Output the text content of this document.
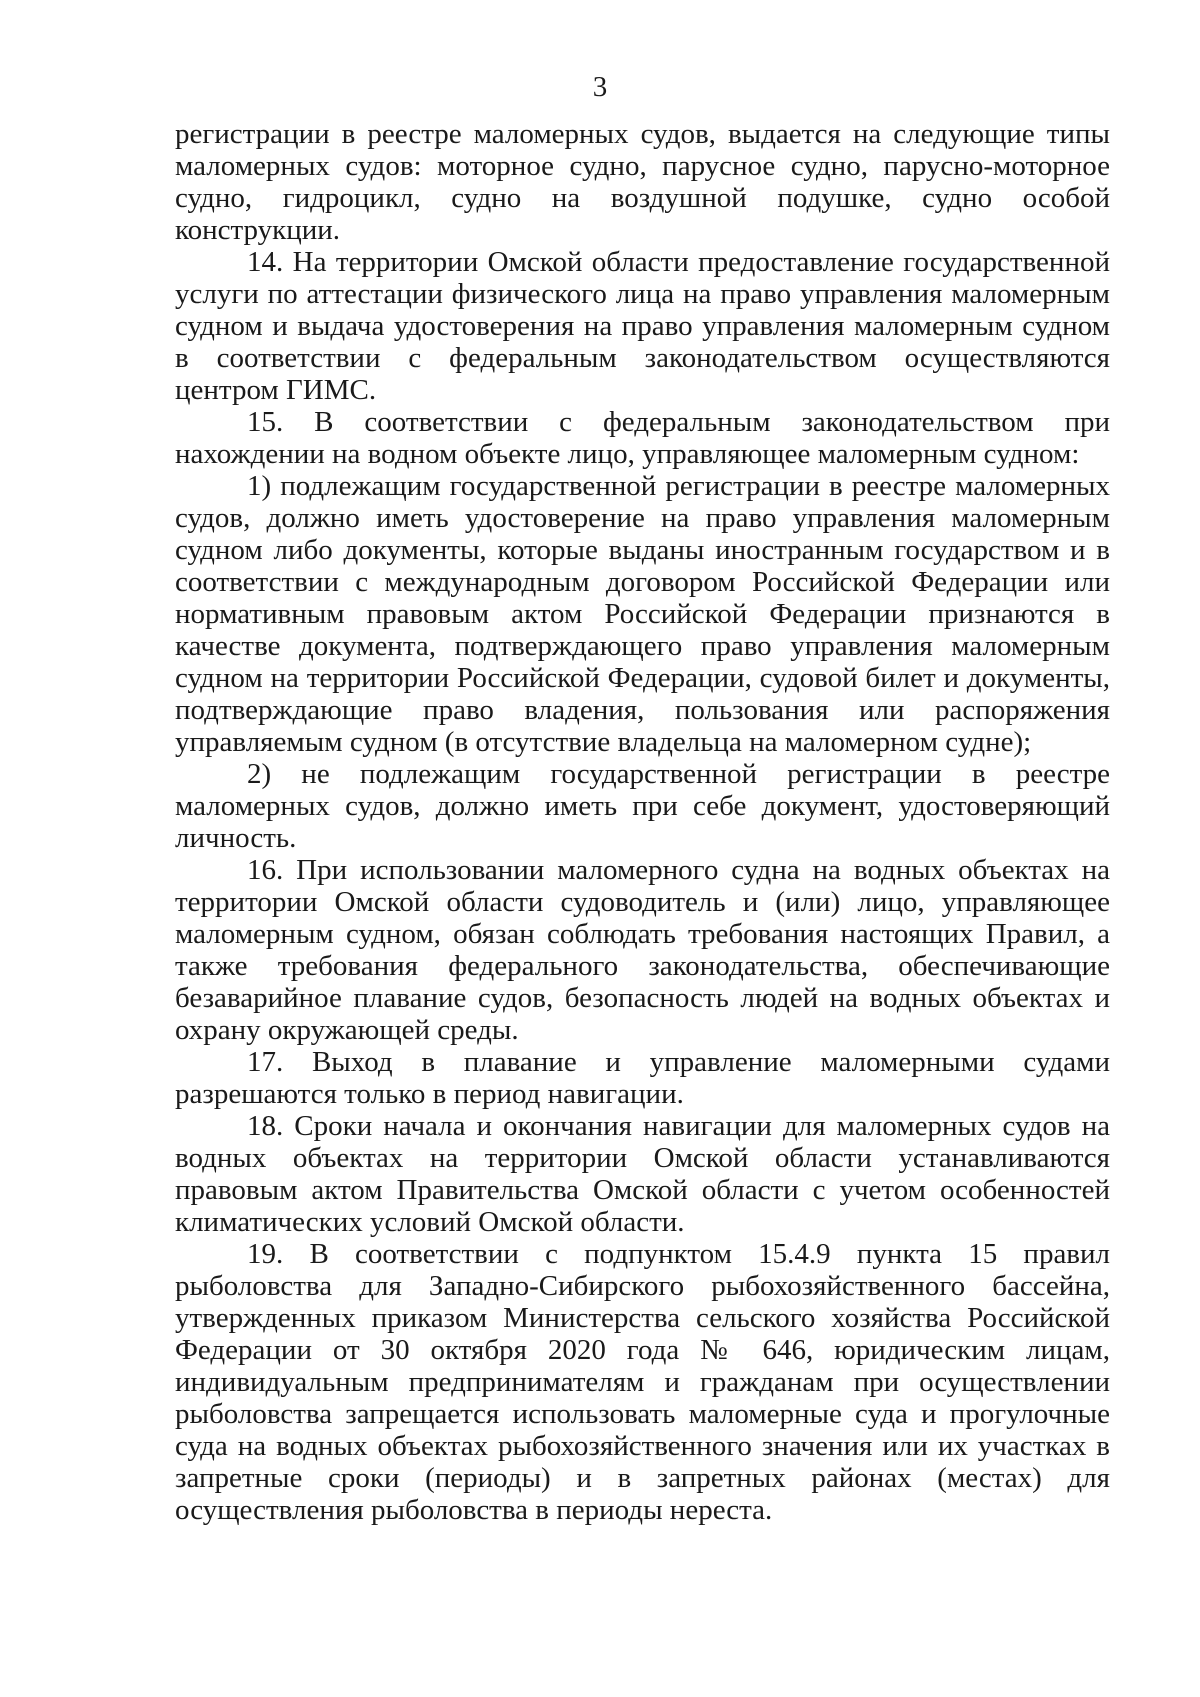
3

регистрации в реестре маломерных судов, выдается на следующие типы маломерных судов: моторное судно, парусное судно, парусно-моторное судно, гидроцикл, судно на воздушной подушке, судно особой конструкции.

14. На территории Омской области предоставление государственной услуги по аттестации физического лица на право управления маломерным судном и выдача удостоверения на право управления маломерным судном в соответствии с федеральным законодательством осуществляются центром ГИМС.

15. В соответствии с федеральным законодательством при нахождении на водном объекте лицо, управляющее маломерным судном:

1) подлежащим государственной регистрации в реестре маломерных судов, должно иметь удостоверение на право управления маломерным судном либо документы, которые выданы иностранным государством и в соответствии с международным договором Российской Федерации или нормативным правовым актом Российской Федерации признаются в качестве документа, подтверждающего право управления маломерным судном на территории Российской Федерации, судовой билет и документы, подтверждающие право владения, пользования или распоряжения управляемым судном (в отсутствие владельца на маломерном судне);

2) не подлежащим государственной регистрации в реестре маломерных судов, должно иметь при себе документ, удостоверяющий личность.

16. При использовании маломерного судна на водных объектах на территории Омской области судоводитель и (или) лицо, управляющее маломерным судном, обязан соблюдать требования настоящих Правил, а также требования федерального законодательства, обеспечивающие безаварийное плавание судов, безопасность людей на водных объектах и охрану окружающей среды.

17. Выход в плавание и управление маломерными судами разрешаются только в период навигации.

18. Сроки начала и окончания навигации для маломерных судов на водных объектах на территории Омской области устанавливаются правовым актом Правительства Омской области с учетом особенностей климатических условий Омской области.

19. В соответствии с подпунктом 15.4.9 пункта 15 правил рыболовства для Западно-Сибирского рыбохозяйственного бассейна, утвержденных приказом Министерства сельского хозяйства Российской Федерации от 30 октября 2020 года № 646, юридическим лицам, индивидуальным предпринимателям и гражданам при осуществлении рыболовства запрещается использовать маломерные суда и прогулочные суда на водных объектах рыбохозяйственного значения или их участках в запретные сроки (периоды) и в запретных районах (местах) для осуществления рыболовства в периоды нереста.
